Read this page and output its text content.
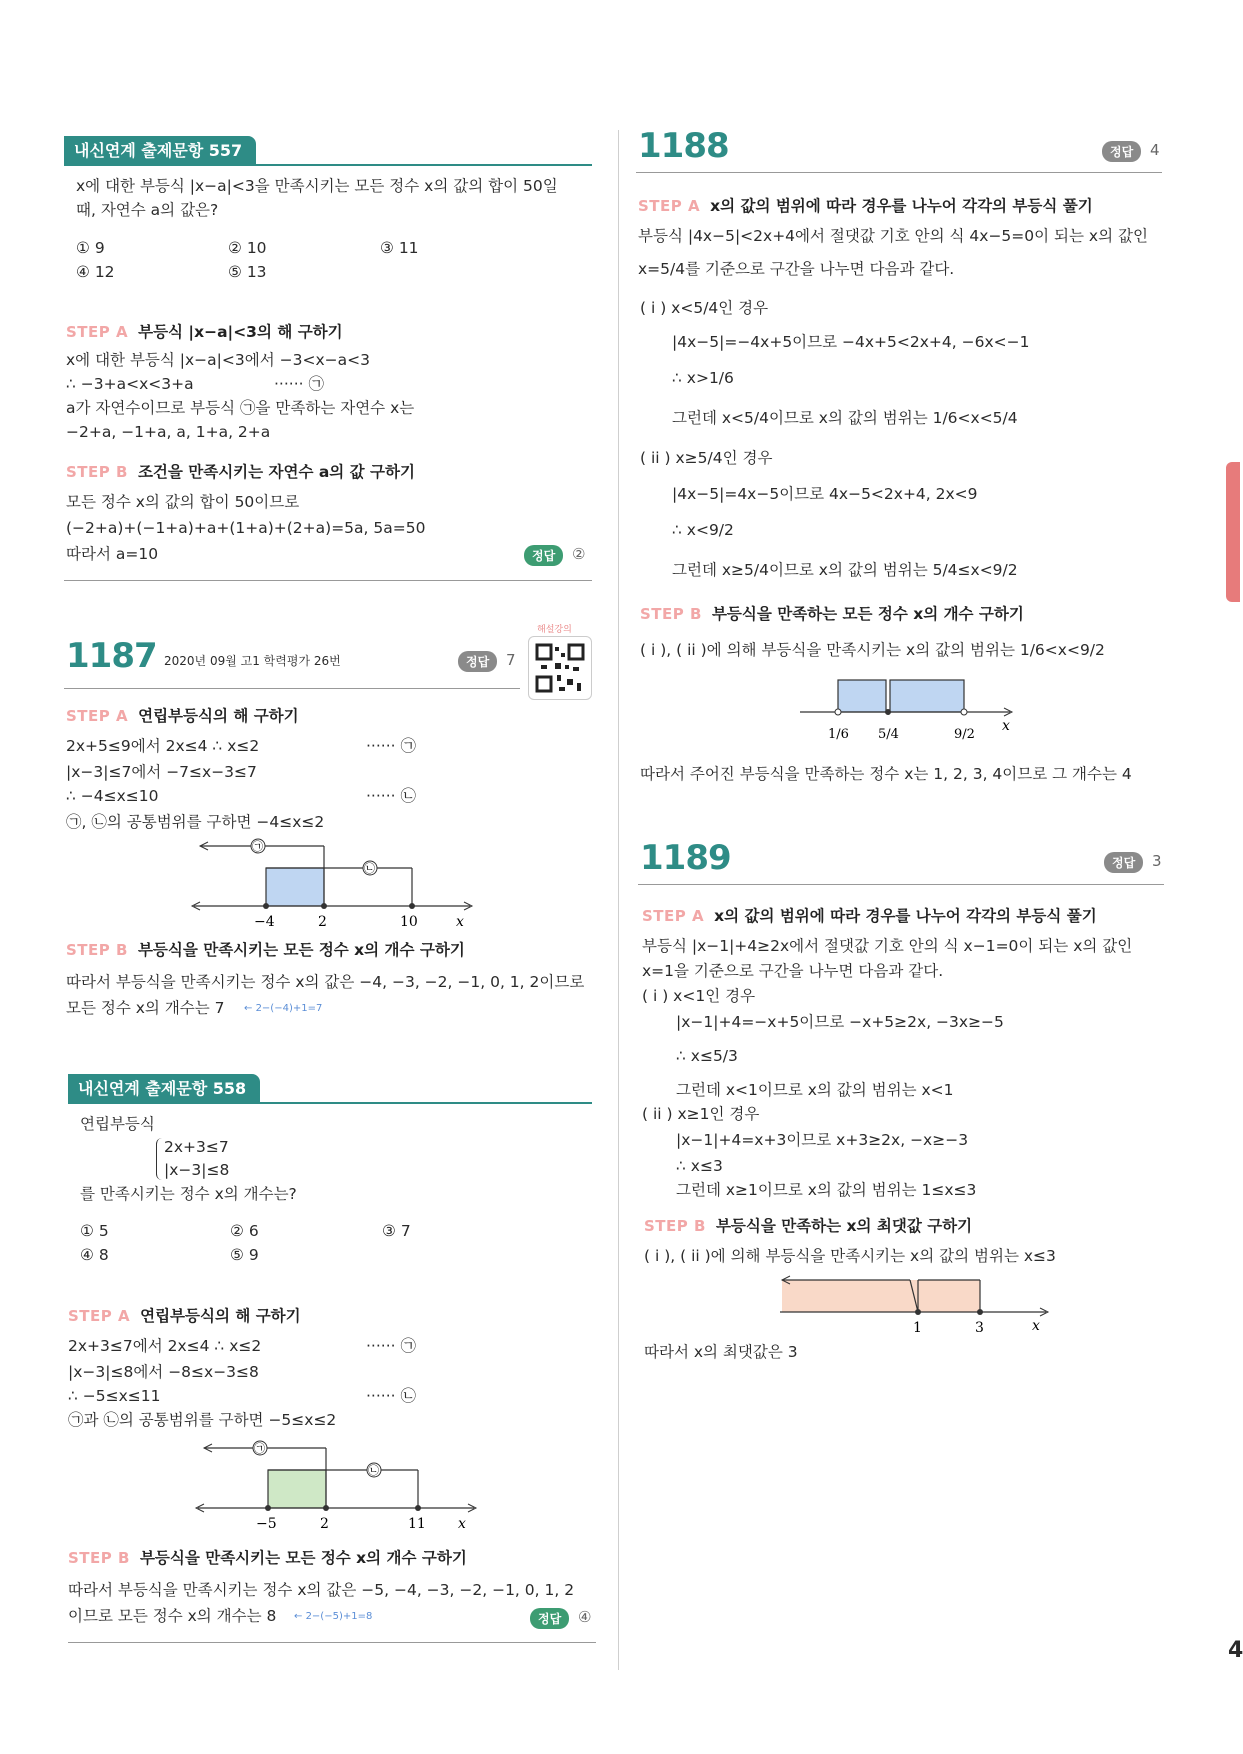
내신연계 출제문항 557
x에 대한 부등식 |x−a|<3을 만족시키는 모든 정수 x의 값의 합이 50일
때, 자연수 a의 값은?
① 9	② 10	③ 11
④ 12	⑤ 13
STEP A 부등식 |x−a|<3의 해 구하기
x에 대한 부등식 |x−a|<3에서 −3<x−a<3
∴ −3+a<x<3+a	······ ㉠
a가 자연수이므로 부등식 ㉠을 만족하는 자연수 x는
−2+a, −1+a, a, 1+a, 2+a
STEP B 조건을 만족시키는 자연수 a의 값 구하기
모든 정수 x의 값의 합이 50이므로
(−2+a)+(−1+a)+a+(1+a)+(2+a)=5a, 5a=50
따라서 a=10	정답	②
1187 2020년 09월 고1 학력평가 26번	정답	7
해설강의
STEP A 연립부등식의 해 구하기
2x+5≤9에서 2x≤4 ∴ x≤2	······ ㉠
|x−3|≤7에서 −7≤x−3≤7
∴ −4≤x≤10	······ ㉡
㉠, ㉡의 공통범위를 구하면 −4≤x≤2
−4	2	10	x
㉠
㉡
STEP B 부등식을 만족시키는 모든 정수 x의 개수 구하기
따라서 부등식을 만족시키는 정수 x의 값은 −4, −3, −2, −1, 0, 1, 2이므로
모든 정수 x의 개수는 7 ← 2−(−4)+1=7
내신연계 출제문항 558
연립부등식
2x+3≤7
|x−3|≤8
를 만족시키는 정수 x의 개수는?
① 5	② 6	③ 7
④ 8	⑤ 9
STEP A 연립부등식의 해 구하기
2x+3≤7에서 2x≤4 ∴ x≤2	······ ㉠
|x−3|≤8에서 −8≤x−3≤8
∴ −5≤x≤11	······ ㉡
㉠과 ㉡의 공통범위를 구하면 −5≤x≤2
−5	2	11 x
㉠
㉡
STEP B 부등식을 만족시키는 모든 정수 x의 개수 구하기
따라서 부등식을 만족시키는 정수 x의 값은 −5, −4, −3, −2, −1, 0, 1, 2
이므로 모든 정수 x의 개수는 8 ← 2−(−5)+1=8	정답	④
1188	정답	4
STEP A x의 값의 범위에 따라 경우를 나누어 각각의 부등식 풀기
부등식 |4x−5|<2x+4에서 절댓값 기호 안의 식 4x−5=0이 되는 x의 값인
x=5/4를 기준으로 구간을 나누면 다음과 같다.
( i ) x<5/4인 경우
|4x−5|=−4x+5이므로 −4x+5<2x+4, −6x<−1
∴ x>1/6
그런데 x<5/4이므로 x의 값의 범위는 1/6<x<5/4
( ii ) x≥5/4인 경우
|4x−5|=4x−5이므로 4x−5<2x+4, 2x<9
∴ x<9/2
그런데 x≥5/4이므로 x의 값의 범위는 5/4≤x<9/2
STEP B 부등식을 만족하는 모든 정수 x의 개수 구하기
( i ), ( ii )에 의해 부등식을 만족시키는 x의 값의 범위는 1/6<x<9/2
1/6 5/4	9/2
x
따라서 주어진 부등식을 만족하는 정수 x는 1, 2, 3, 4이므로 그 개수는 4
1189	정답	3
STEP A x의 값의 범위에 따라 경우를 나누어 각각의 부등식 풀기
부등식 |x−1|+4≥2x에서 절댓값 기호 안의 식 x−1=0이 되는 x의 값인
x=1을 기준으로 구간을 나누면 다음과 같다.
( i ) x<1인 경우
|x−1|+4=−x+5이므로 −x+5≥2x, −3x≥−5
∴ x≤5/3
그런데 x<1이므로 x의 값의 범위는 x<1
( ii ) x≥1인 경우
|x−1|+4=x+3이므로 x+3≥2x, −x≥−3
∴ x≤3
그런데 x≥1이므로 x의 값의 범위는 1≤x≤3
STEP B 부등식을 만족하는 x의 최댓값 구하기
( i ), ( ii )에 의해 부등식을 만족시키는 x의 값의 범위는 x≤3
1	3	x
따라서 x의 최댓값은 3
4
